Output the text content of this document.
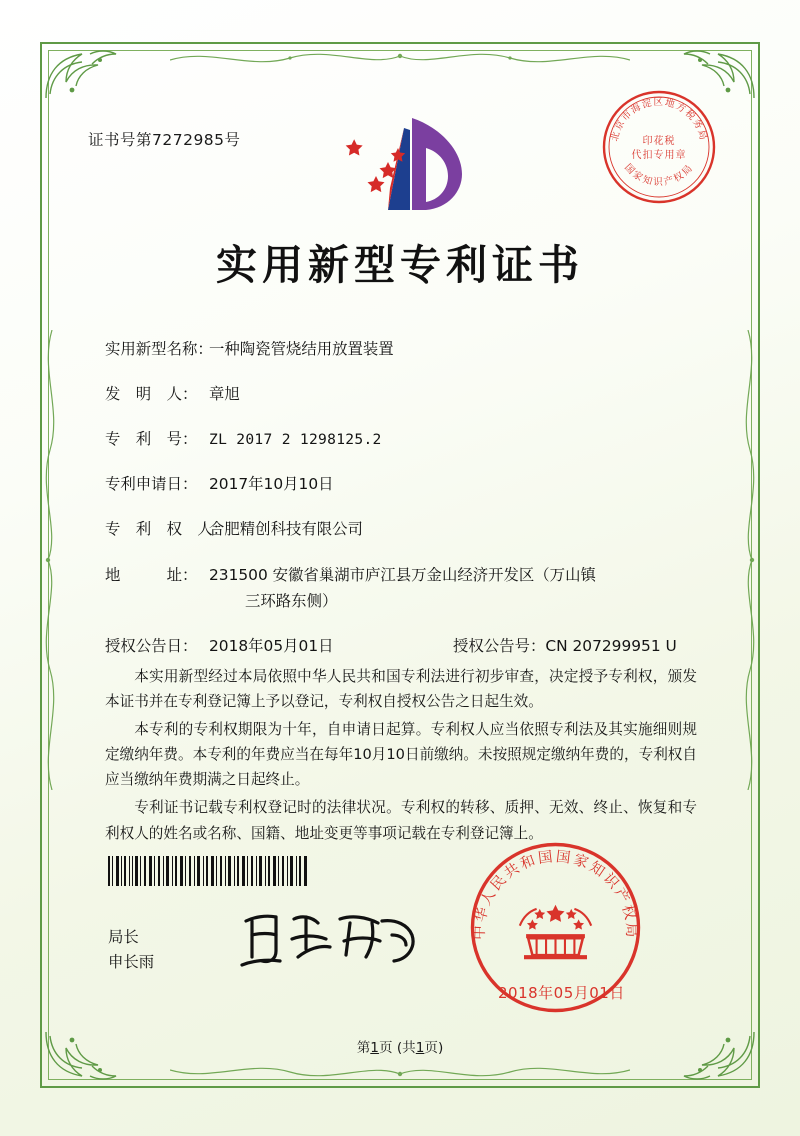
证书号第7272985号	北京市海淀区地方税务局
国家知识产权局
印花税
代扣专用章
实用新型专利证书
实用新型名称：一种陶瓷管烧结用放置装置
发　明　人： 章旭
专　利　号： ZL 2017 2 1298125.2
专利申请日： 2017年10月10日
专　利　权　人：合肥精创科技有限公司
地　　　址： 231500 安徽省巢湖市庐江县万金山经济开发区（万山镇
三环路东侧）
授权公告日： 2018年05月01日	授权公告号：CN 207299951 U

本实用新型经过本局依照中华人民共和国专利法进行初步审查，决定授予专利权，颁发本证书并在专利登记簿上予以登记，专利权自授权公告之日起生效。

本专利的专利权期限为十年，自申请日起算。专利权人应当依照专利法及其实施细则规定缴纳年费。本专利的年费应当在每年10月10日前缴纳。未按照规定缴纳年费的，专利权自应当缴纳年费期满之日起终止。

专利证书记载专利权登记时的法律状况。专利权的转移、质押、无效、终止、恢复和专利权人的姓名或名称、国籍、地址变更等事项记载在专利登记簿上。

局长
申长雨
中华人民共和国国家知识产权局
2018年05月01日
第1页 (共1页)
